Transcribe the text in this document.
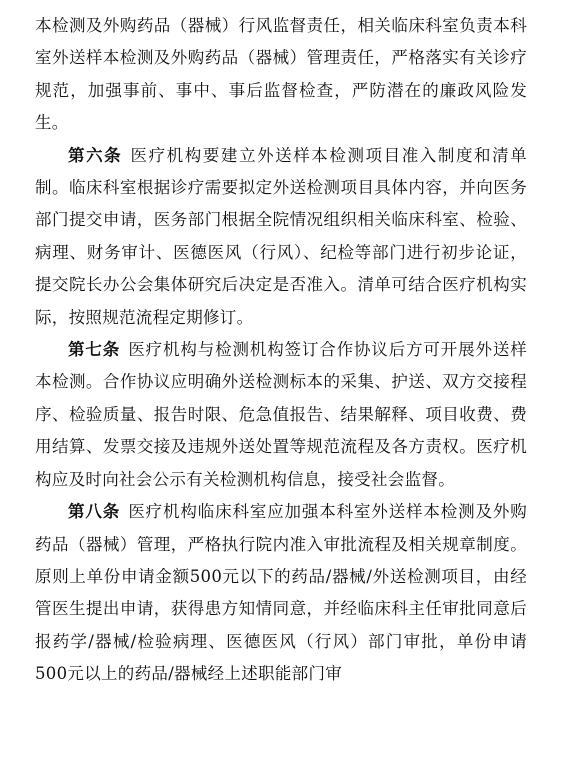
本检测及外购药品（器械）行风监督责任，相关临床科室负责本科室外送样本检测及外购药品（器械）管理责任，严格落实有关诊疗规范，加强事前、事中、事后监督检查，严防潜在的廉政风险发生。

第六条 医疗机构要建立外送样本检测项目准入制度和清单制。临床科室根据诊疗需要拟定外送检测项目具体内容，并向医务部门提交申请，医务部门根据全院情况组织相关临床科室、检验、病理、财务审计、医德医风（行风）、纪检等部门进行初步论证，提交院长办公会集体研究后决定是否准入。清单可结合医疗机构实际，按照规范流程定期修订。

第七条 医疗机构与检测机构签订合作协议后方可开展外送样本检测。合作协议应明确外送检测标本的采集、护送、双方交接程序、检验质量、报告时限、危急值报告、结果解释、项目收费、费用结算、发票交接及违规外送处置等规范流程及各方责权。医疗机构应及时向社会公示有关检测机构信息，接受社会监督。

第八条 医疗机构临床科室应加强本科室外送样本检测及外购药品（器械）管理，严格执行院内准入审批流程及相关规章制度。原则上单份申请金额500元以下的药品/器械/外送检测项目，由经管医生提出申请，获得患方知情同意，并经临床科主任审批同意后报药学/器械/检验病理、医德医风（行风）部门审批，单份申请500元以上的药品/器械经上述职能部门审
